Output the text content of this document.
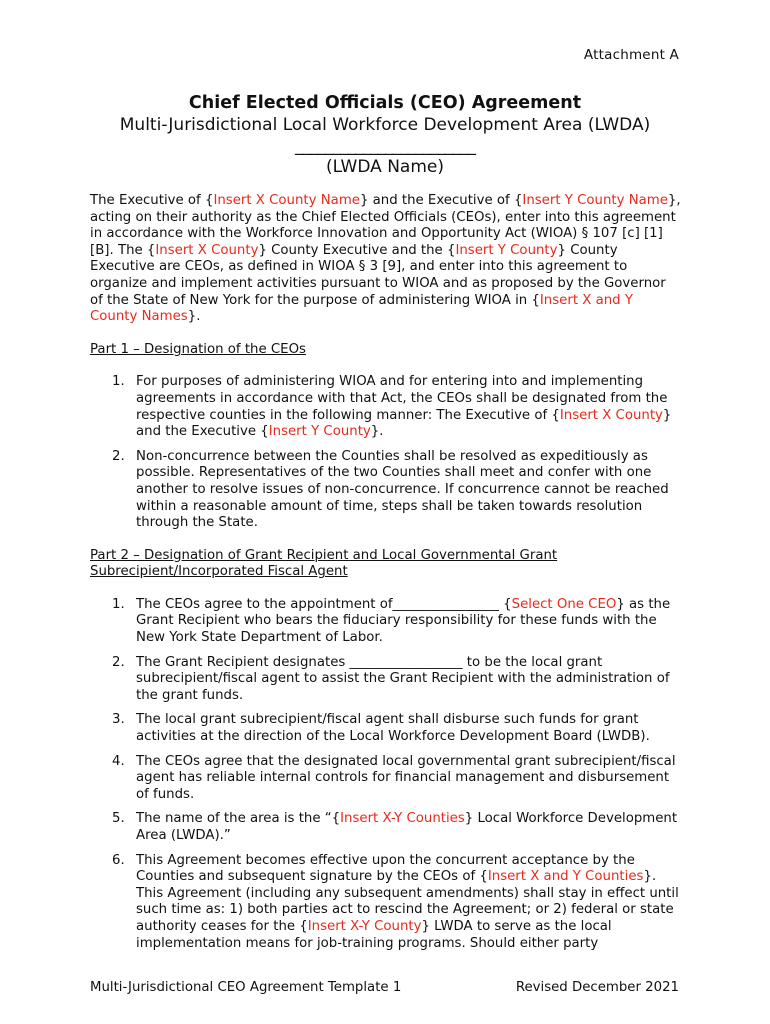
Attachment A
Chief Elected Officials (CEO) Agreement
Multi-Jurisdictional Local Workforce Development Area (LWDA)
________________________
(LWDA Name)

The Executive of {Insert X County Name} and the Executive of {Insert Y County Name}, acting on their authority as the Chief Elected Officials (CEOs), enter into this agreement in accordance with the Workforce Innovation and Opportunity Act (WIOA) § 107 [c] [1] [B]. The {Insert X County} County Executive and the {Insert Y County} County Executive are CEOs, as defined in WIOA § 3 [9], and enter into this agreement to organize and implement activities pursuant to WIOA and as proposed by the Governor of the State of New York for the purpose of administering WIOA in {Insert X and Y County Names}.

Part 1 – Designation of the CEOs

1. For purposes of administering WIOA and for entering into and implementing agreements in accordance with that Act, the CEOs shall be designated from the respective counties in the following manner: The Executive of {Insert X County} and the Executive {Insert Y County}.
2. Non-concurrence between the Counties shall be resolved as expeditiously as possible. Representatives of the two Counties shall meet and confer with one another to resolve issues of non-concurrence. If concurrence cannot be reached within a reasonable amount of time, steps shall be taken towards resolution through the State.

Part 2 – Designation of Grant Recipient and Local Governmental Grant Subrecipient/Incorporated Fiscal Agent

1. The CEOs agree to the appointment of________________ {Select One CEO} as the Grant Recipient who bears the fiduciary responsibility for these funds with the New York State Department of Labor.
2. The Grant Recipient designates _________________ to be the local grant subrecipient/fiscal agent to assist the Grant Recipient with the administration of the grant funds.
3. The local grant subrecipient/fiscal agent shall disburse such funds for grant activities at the direction of the Local Workforce Development Board (LWDB).
4. The CEOs agree that the designated local governmental grant subrecipient/fiscal agent has reliable internal controls for financial management and disbursement of funds.
5. The name of the area is the “{Insert X-Y Counties} Local Workforce Development Area (LWDA).”
6. This Agreement becomes effective upon the concurrent acceptance by the Counties and subsequent signature by the CEOs of {Insert X and Y Counties}. This Agreement (including any subsequent amendments) shall stay in effect until such time as: 1) both parties act to rescind the Agreement; or 2) federal or state authority ceases for the {Insert X-Y County} LWDA to serve as the local implementation means for job-training programs. Should either party
Multi-Jurisdictional CEO Agreement Template 1	Revised December 2021
